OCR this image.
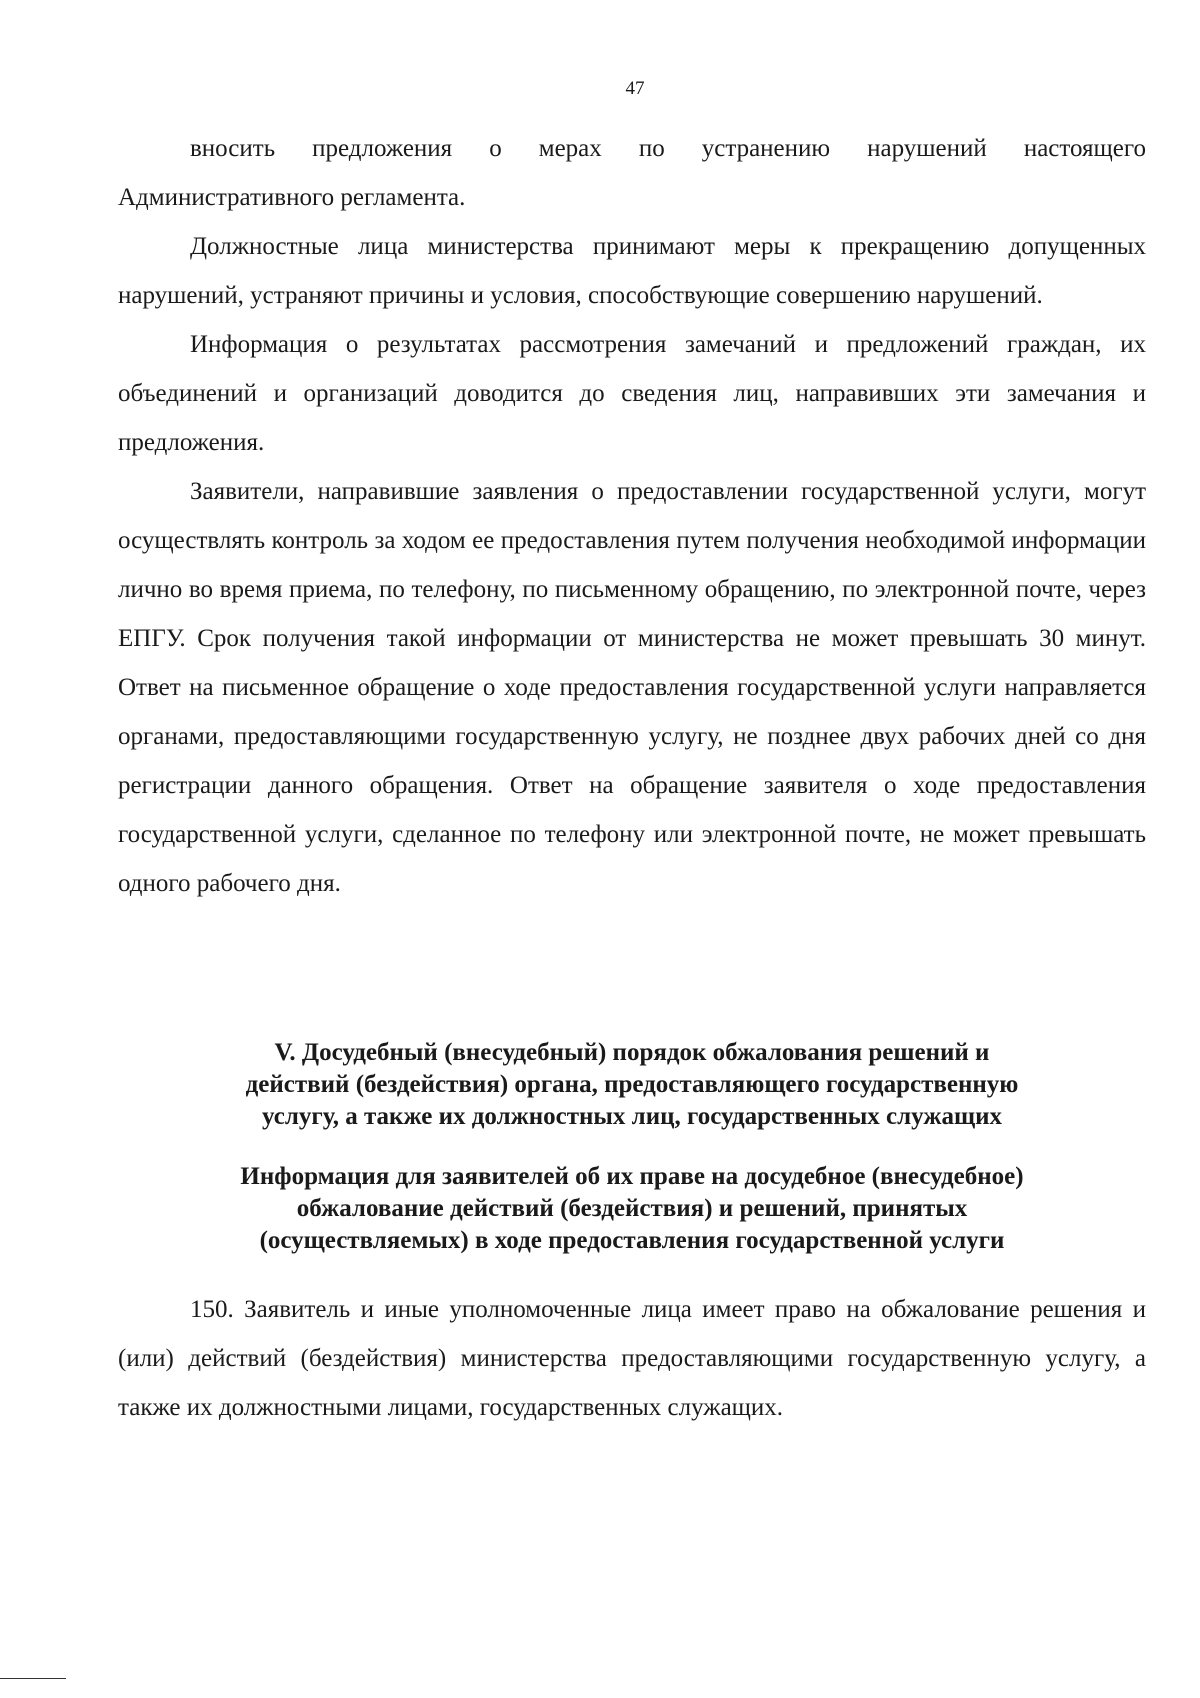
47

вносить предложения о мерах по устранению нарушений настоящего Административного регламента.

Должностные лица министерства принимают меры к прекращению допущенных нарушений, устраняют причины и условия, способствующие совершению нарушений.

Информация о результатах рассмотрения замечаний и предложений граждан, их объединений и организаций доводится до сведения лиц, направивших эти замечания и предложения.

Заявители, направившие заявления о предоставлении государственной услуги, могут осуществлять контроль за ходом ее предоставления путем получения необходимой информации лично во время приема, по телефону, по письменному обращению, по электронной почте, через ЕПГУ. Срок получения такой информации от министерства не может превышать 30 минут. Ответ на письменное обращение о ходе предоставления государственной услуги направляется органами, предоставляющими государственную услугу, не позднее двух рабочих дней со дня регистрации данного обращения. Ответ на обращение заявителя о ходе предоставления государственной услуги, сделанное по телефону или электронной почте, не может превышать одного рабочего дня.

V. Досудебный (внесудебный) порядок обжалования решений и
действий (бездействия) органа, предоставляющего государственную
услугу, а также их должностных лиц, государственных служащих
Информация для заявителей об их праве на досудебное (внесудебное)
обжалование действий (бездействия) и решений, принятых
(осуществляемых) в ходе предоставления государственной услуги

150. Заявитель и иные уполномоченные лица имеет право на обжалование решения и (или) действий (бездействия) министерства предоставляющими государственную услугу, а также их должностными лицами, государственных служащих.
